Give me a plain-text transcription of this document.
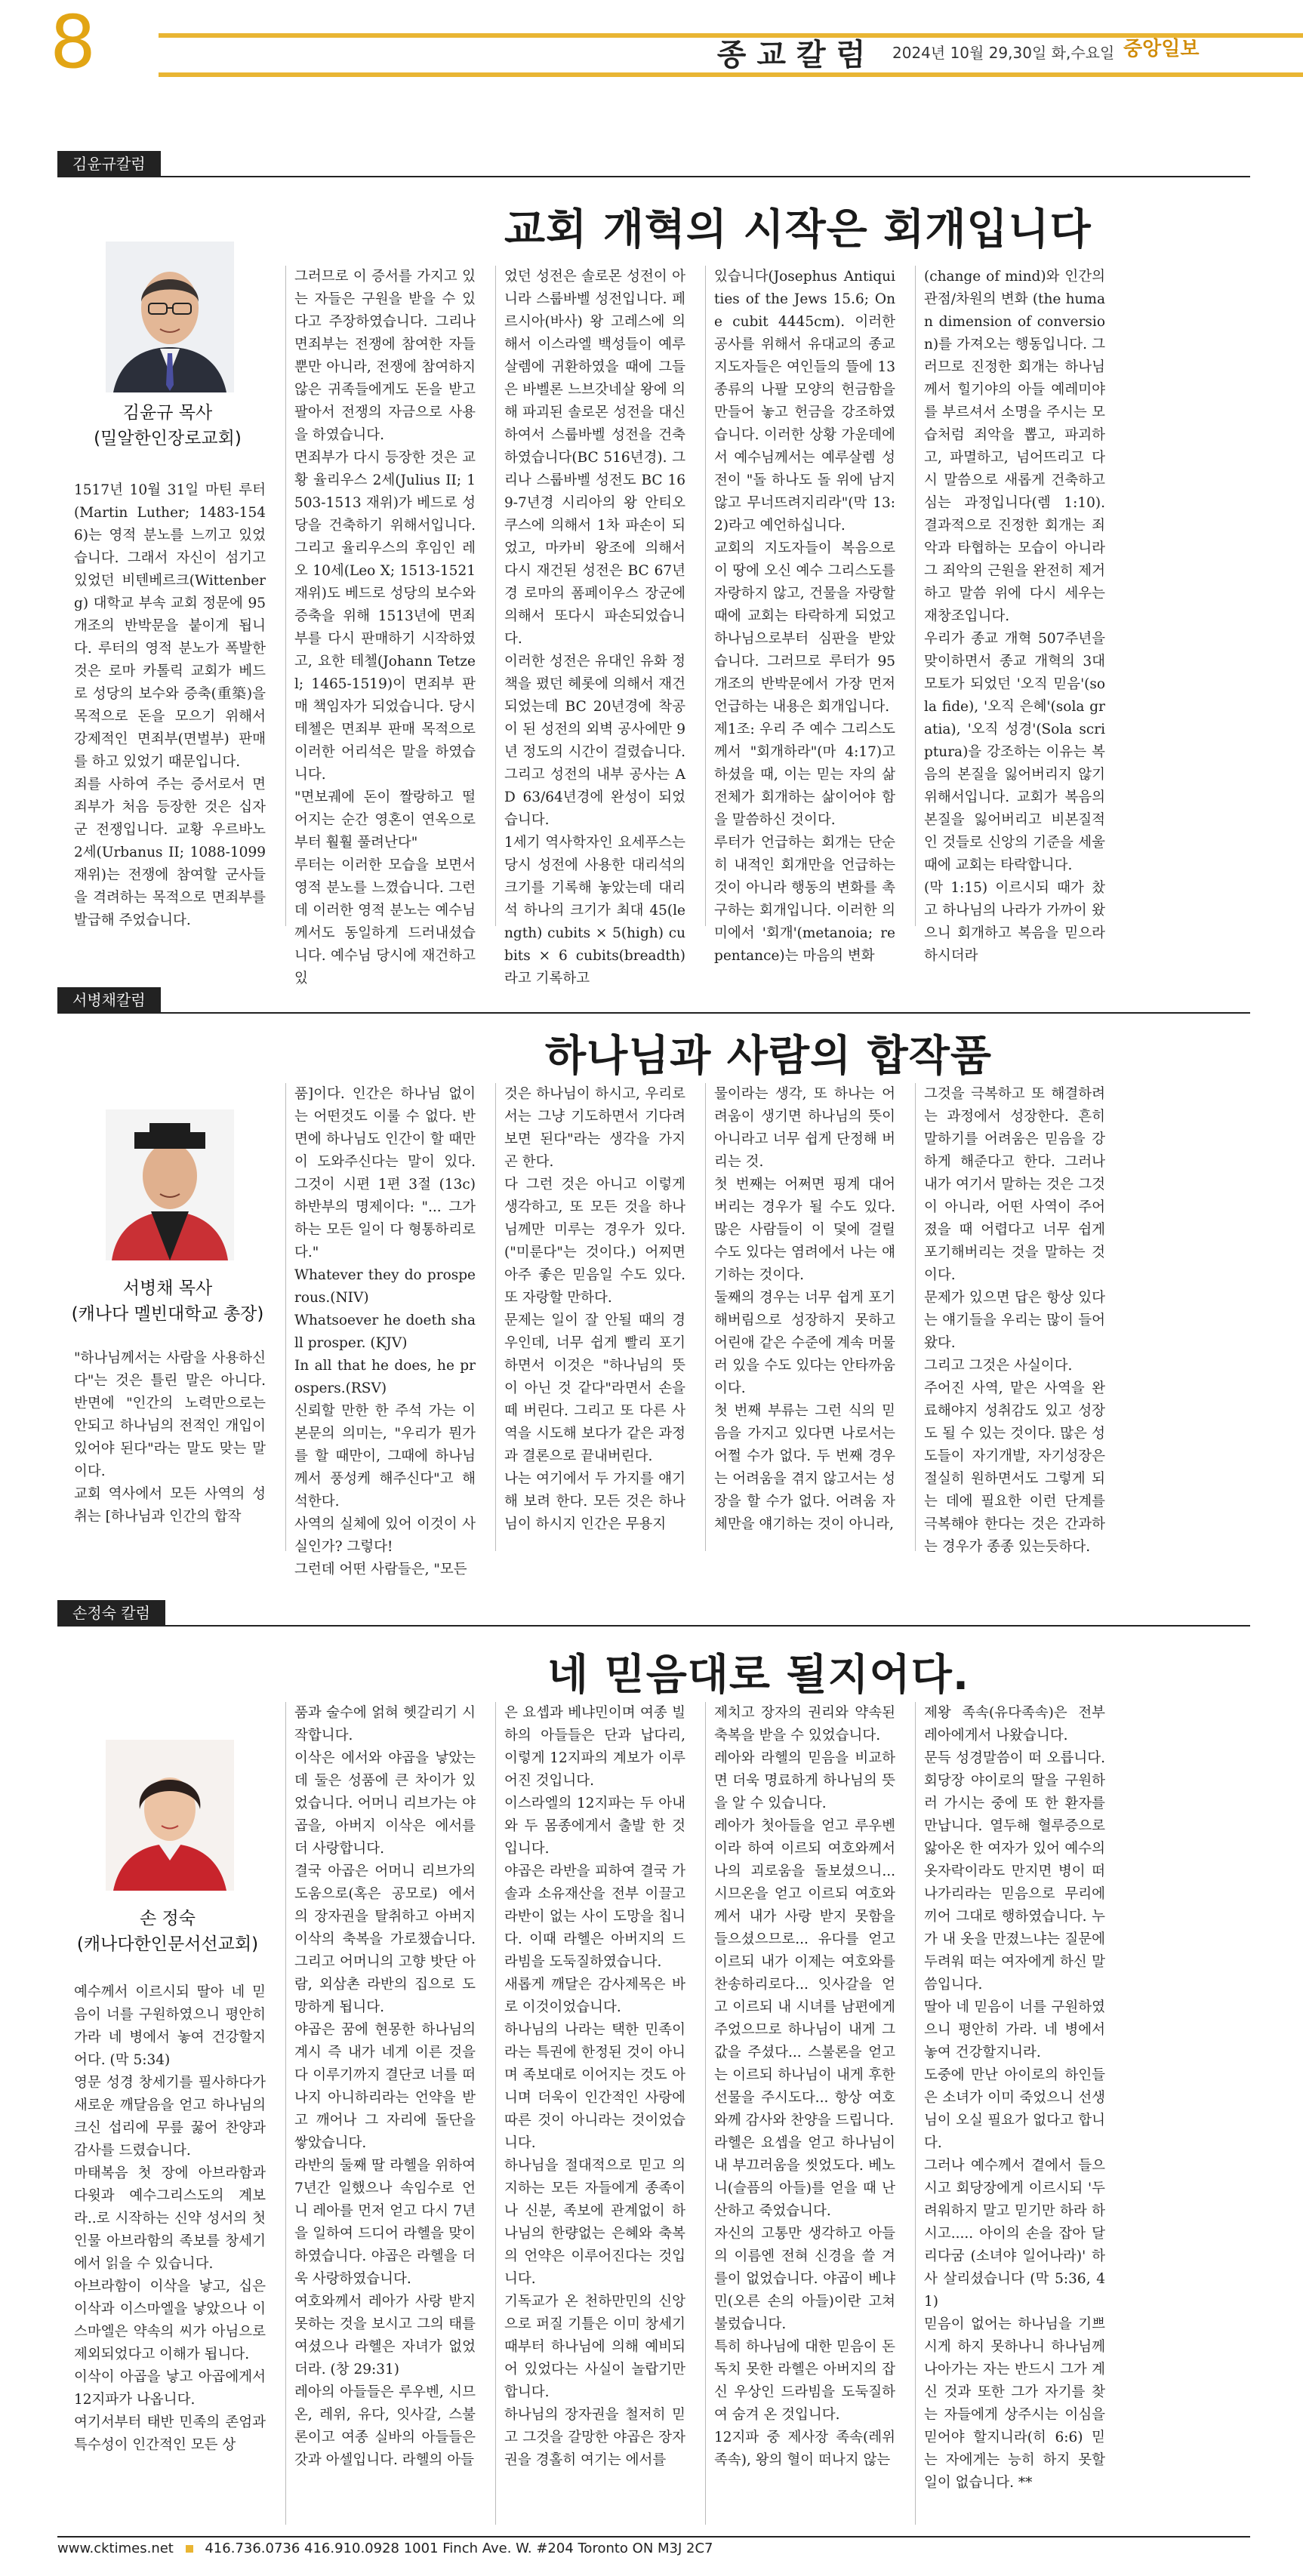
8	종교칼럼	2024년 10월 29,30일 화,수요일 중앙일보
김윤규칼럼
교회 개혁의 시작은 회개입니다
김윤규 목사
(밀알한인장로교회)
1517년 10월 31일 마틴 루터(Martin Luther; 1483-1546)는 영적 분노를 느끼고 있었습니다. 그래서 자신이 섬기고 있었던 비텐베르크(Wittenberg) 대학교 부속 교회 정문에 95개조의 반박문을 붙이게 됩니다. 루터의 영적 분노가 폭발한 것은 로마 카톨릭 교회가 베드로 성당의 보수와 증축(重築)을 목적으로 돈을 모으기 위해서 강제적인 면죄부(면벌부) 판매를 하고 있었기 때문입니다.
죄를 사하여 주는 증서로서 면죄부가 처음 등장한 것은 십자군 전쟁입니다. 교황 우르바노 2세(Urbanus II; 1088-1099 재위)는 전쟁에 참여할 군사들을 격려하는 목적으로 면죄부를 발급해 주었습니다.
그러므로 이 증서를 가지고 있는 자들은 구원을 받을 수 있다고 주장하였습니다. 그리나 면죄부는 전쟁에 참여한 자들뿐만 아니라, 전쟁에 참여하지 않은 귀족들에게도 돈을 받고 팔아서 전쟁의 자금으로 사용을 하였습니다.
면죄부가 다시 등장한 것은 교황 율리우스 2세(Julius II; 1503-1513 재위)가 베드로 성당을 건축하기 위해서입니다. 그리고 율리우스의 후임인 레오 10세(Leo X; 1513-1521 재위)도 베드로 성당의 보수와 증축을 위해 1513년에 면죄부를 다시 판매하기 시작하였고, 요한 테첼(Johann Tetzel; 1465-1519)이 면죄부 판매 책임자가 되었습니다. 당시 테첼은 면죄부 판매 목적으로 이러한 어리석은 말을 하였습니다.
"면보궤에 돈이 짤랑하고 떨어지는 순간 영혼이 연옥으로부터 훨훨 풀려난다"
루터는 이러한 모습을 보면서 영적 분노를 느꼈습니다. 그런데 이러한 영적 분노는 예수님께서도 동일하게 드러내셨습니다. 예수님 당시에 재건하고 있
었던 성전은 솔로몬 성전이 아니라 스룹바벨 성전입니다. 페르시아(바사) 왕 고레스에 의해서 이스라엘 백성들이 예루살렘에 귀환하였을 때에 그들은 바벨론 느브갓네살 왕에 의해 파괴된 솔로몬 성전을 대신하여서 스룹바벨 성전을 건축하였습니다(BC 516년경). 그리나 스룹바벨 성전도 BC 169-7년경 시리아의 왕 안티오쿠스에 의해서 1차 파손이 되었고, 마카비 왕조에 의해서 다시 재건된 성전은 BC 67년경 로마의 폼페이우스 장군에 의해서 또다시 파손되었습니다.
이러한 성전은 유대인 유화 정책을 폈던 헤롯에 의해서 재건되었는데 BC 20년경에 착공이 된 성전의 외벽 공사에만 9년 정도의 시간이 걸렸습니다. 그리고 성전의 내부 공사는 AD 63/64년경에 완성이 되었습니다.
1세기 역사학자인 요세푸스는 당시 성전에 사용한 대리석의 크기를 기록해 놓았는데 대리석 하나의 크기가 최대 45(length) cubits × 5(high) cubits × 6 cubits(breadth)라고 기록하고
있습니다(Josephus Antiquities of the Jews 15.6; One cubit 4445cm). 이러한 공사를 위해서 유대교의 종교 지도자들은 여인들의 뜰에 13종류의 나팔 모양의 헌금함을 만들어 놓고 헌금을 강조하였습니다. 이러한 상황 가운데에서 예수님께서는 예루살렘 성전이 "돌 하나도 돌 위에 남지 않고 무너뜨려지리라"(막 13:2)라고 예언하십니다.
교회의 지도자들이 복음으로 이 땅에 오신 예수 그리스도를 자랑하지 않고, 건물을 자랑할 때에 교회는 타락하게 되었고 하나님으로부터 심판을 받았습니다. 그러므로 루터가 95개조의 반박문에서 가장 먼저 언급하는 내용은 회개입니다.
제1조: 우리 주 예수 그리스도께서 "회개하라"(마 4:17)고 하셨을 때, 이는 믿는 자의 삶 전체가 회개하는 삶이어야 함을 말씀하신 것이다.
루터가 언급하는 회개는 단순히 내적인 회개만을 언급하는 것이 아니라 행동의 변화를 촉구하는 회개입니다. 이러한 의미에서 '회개'(metanoia; repentance)는 마음의 변화
(change of mind)와 인간의 관점/차원의 변화 (the human dimension of conversion)를 가져오는 행동입니다. 그러므로 진정한 회개는 하나님께서 힐기야의 아들 예레미야를 부르셔서 소명을 주시는 모습처럼 죄악을 뽑고, 파괴하고, 파멸하고, 넘어뜨리고 다시 말씀으로 새롭게 건축하고 심는 과정입니다(렘 1:10). 결과적으로 진정한 회개는 죄악과 타협하는 모습이 아니라 그 죄악의 근원을 완전히 제거하고 말씀 위에 다시 세우는 재창조입니다.
우리가 종교 개혁 507주년을 맞이하면서 종교 개혁의 3대 모토가 되었던 '오직 믿음'(sola fide), '오직 은혜'(sola gratia), '오직 성경'(Sola scriptura)을 강조하는 이유는 복음의 본질을 잃어버리지 않기 위해서입니다. 교회가 복음의 본질을 잃어버리고 비본질적인 것들로 신앙의 기준을 세울 때에 교회는 타락합니다.
(막 1:15) 이르시되 때가 찼고 하나님의 나라가 가까이 왔으니 회개하고 복음을 믿으라 하시더라
서병채칼럼
하나님과 사람의 합작품
서병채 목사
(캐나다 멜빈대학교 총장)
"하나님께서는 사람을 사용하신다"는 것은 틀린 말은 아니다. 반면에 "인간의 노력만으로는 안되고 하나님의 전적인 개입이 있어야 된다"라는 말도 맞는 말이다.
교회 역사에서 모든 사역의 성취는 [하나님과 인간의 합작
품]이다. 인간은 하나님 없이는 어떤것도 이룰 수 없다. 반면에 하나님도 인간이 할 때만이 도와주신다는 말이 있다. 그것이 시편 1편 3절 (13c) 하반부의 명제이다: "... 그가 하는 모든 일이 다 형통하리로다."
Whatever they do prosperous.(NIV)
Whatsoever he doeth shall prosper. (KJV)
In all that he does, he prospers.(RSV)
신뢰할 만한 한 주석 가는 이 본문의 의미는, "우리가 뭔가를 할 때만이, 그때에 하나님께서 풍성케 해주신다"고 해석한다.
사역의 실체에 있어 이것이 사실인가? 그렇다!
그런데 어떤 사람들은, "모든
것은 하나님이 하시고, 우리로서는 그냥 기도하면서 기다려 보면 된다"라는 생각을 가지곤 한다.
다 그런 것은 아니고 이렇게 생각하고, 또 모든 것을 하나님께만 미루는 경우가 있다. ("미룬다"는 것이다.) 어찌면 아주 좋은 믿음일 수도 있다. 또 자랑할 만하다.
문제는 일이 잘 안될 때의 경우인데, 너무 쉽게 빨리 포기하면서 이것은 "하나님의 뜻이 아닌 것 같다"라면서 손을 떼 버린다. 그리고 또 다른 사역을 시도해 보다가 같은 과정과 결론으로 끝내버린다.
나는 여기에서 두 가지를 얘기해 보려 한다. 모든 것은 하나님이 하시지 인간은 무용지
물이라는 생각, 또 하나는 어려움이 생기면 하나님의 뜻이 아니라고 너무 쉽게 단정해 버리는 것.
첫 번째는 어쩌면 핑계 대어 버리는 경우가 될 수도 있다. 많은 사람들이 이 덫에 걸릴 수도 있다는 염려에서 나는 얘기하는 것이다.
둘째의 경우는 너무 쉽게 포기해버림으로 성장하지 못하고 어린애 같은 수준에 계속 머물러 있을 수도 있다는 안타까움이다.
첫 번째 부류는 그런 식의 믿음을 가지고 있다면 나로서는 어쩔 수가 없다. 두 번째 경우는 어려움을 겪지 않고서는 성장을 할 수가 없다. 어려움 자체만을 얘기하는 것이 아니라,
그것을 극복하고 또 해결하려는 과정에서 성장한다. 흔히 말하기를 어려움은 믿음을 강하게 해준다고 한다. 그러나 내가 여기서 말하는 것은 그것이 아니라, 어떤 사역이 주어졌을 때 어렵다고 너무 쉽게 포기해버리는 것을 말하는 것이다.
문제가 있으면 답은 항상 있다는 얘기들을 우리는 많이 들어왔다.
그리고 그것은 사실이다.
주어진 사역, 맡은 사역을 완료해야지 성취감도 있고 성장도 될 수 있는 것이다. 많은 성도들이 자기개발, 자기성장은 절실히 원하면서도 그렇게 되는 데에 필요한 이런 단계를 극복해야 한다는 것은 간과하는 경우가 종종 있는듯하다.
손정숙 칼럼
네 믿음대로 될지어다.
손 정숙
(캐나다한인문서선교회)
예수께서 이르시되 딸아 네 믿음이 너를 구원하였으니 평안히 가라 네 병에서 놓여 건강할지어다. (막 5:34)
영문 성경 창세기를 필사하다가 새로운 깨달음을 얻고 하나님의 크신 섭리에 무릎 꿇어 찬양과 감사를 드렸습니다.
마태복음 첫 장에 아브라함과 다윗과 예수그리스도의 계보라..로 시작하는 신약 성서의 첫 인물 아브라함의 족보를 창세기에서 읽을 수 있습니다.
아브라함이 이삭을 낳고, 십은 이삭과 이스마엘을 낳았으나 이스마엘은 약속의 씨가 아님으로 제외되었다고 이해가 됩니다.
이삭이 아곱을 낳고 아곱에게서 12지파가 나옵니다.
여기서부터 태반 민족의 존엄과 특수성이 인간적인 모든 상
품과 술수에 얽혀 헷갈리기 시작합니다.
이삭은 에서와 야곱을 낳았는데 둘은 성품에 큰 차이가 있었습니다. 어머니 리브가는 야곱을, 아버지 이삭은 에서를 더 사랑합니다.
결국 아곱은 어머니 리브가의 도움으로(혹은 공모로) 에서의 장자권을 탈취하고 아버지 이삭의 축복을 가로챘습니다. 그리고 어머니의 고향 밧단 아람, 외삼촌 라반의 집으로 도망하게 됩니다.
야곱은 꿈에 현몽한 하나님의 계시 즉 내가 네게 이른 것을 다 이루기까지 결단코 너를 떠나지 아니하리라는 언약을 받고 깨어나 그 자리에 돌단을 쌓았습니다.
라반의 둘째 딸 라헬을 위하여 7년간 일했으나 속임수로 언니 레아를 먼저 얻고 다시 7년을 일하여 드디어 라헬을 맞이하였습니다. 야곱은 라헬을 더욱 사랑하였습니다.
여호와께서 레아가 사랑 받지 못하는 것을 보시고 그의 태를 여셨으나 라헬은 자녀가 없었더라. (창 29:31)
레아의 아들들은 루우벤, 시므온, 레위, 유다, 잇사갈, 스불론이고 여종 실바의 아들들은 갓과 아셀입니다. 라헬의 아들
은 요셉과 베냐민이며 여종 빌하의 아들들은 단과 납다리, 이렇게 12지파의 계보가 이루어진 것입니다.
이스라엘의 12지파는 두 아내와 두 몸종에게서 출발 한 것입니다.
야곱은 라반을 피하여 결국 가솔과 소유재산을 전부 이끌고 라반이 없는 사이 도망을 칩니다. 이때 라헬은 아버지의 드라빔을 도둑질하였습니다.
새롭게 깨달은 감사제목은 바로 이것이었습니다.
하나님의 나라는 택한 민족이라는 특권에 한정된 것이 아니며 족보대로 이어지는 것도 아니며 더욱이 인간적인 사랑에 따른 것이 아니라는 것이었습니다.
하나님을 절대적으로 믿고 의지하는 모든 자들에게 종족이나 신분, 족보에 관계없이 하나님의 한량없는 은혜와 축복의 언약은 이루어진다는 것입니다.
기독교가 온 천하만민의 신앙으로 퍼질 기틀은 이미 창세기 때부터 하나님에 의해 예비되어 있었다는 사실이 놀랍기만 합니다.
하나님의 장자권을 철저히 믿고 그것을 갈망한 야곱은 장자권을 경홀히 여기는 에서를
제치고 장자의 권리와 약속된 축복을 받을 수 있었습니다.
레아와 라헬의 믿음을 비교하면 더욱 명료하게 하나님의 뜻을 알 수 있습니다.
레아가 첫아들을 얻고 루우벤이라 하여 이르되 여호와께서 나의 괴로움을 돌보셨으니... 시므온을 얻고 이르되 여호와께서 내가 사랑 받지 못함을 들으셨으므로... 유다를 얻고 이르되 내가 이제는 여호와를 찬송하리로다... 잇사갈을 얻고 이르되 내 시녀를 남편에게 주었으므로 하나님이 내게 그 값을 주셨다... 스불론을 얻고는 이르되 하나님이 내게 후한 선물을 주시도다... 항상 여호와께 감사와 찬양을 드립니다.
라헬은 요셉을 얻고 하나님이 내 부끄러움을 씻었도다. 베노니(슬픔의 아들)를 얻을 때 난산하고 죽었습니다.
자신의 고통만 생각하고 아들의 이름엔 전혀 신경을 쓸 겨를이 없었습니다. 야곱이 베냐민(오른 손의 아들)이란 고쳐 불렀습니다.
특히 하나님에 대한 믿음이 돈독치 못한 라헬은 아버지의 잡신 우상인 드라빔을 도둑질하여 숨겨 온 것입니다.
12지파 중 제사장 족속(레위 족속), 왕의 혈이 떠나지 않는
제왕 족속(유다족속)은 전부 레아에게서 나왔습니다.
문득 성경말씀이 떠 오릅니다. 회당장 야이로의 딸을 구원하러 가시는 중에 또 한 환자를 만납니다. 열두해 혈루증으로 앓아온 한 여자가 있어 예수의 옷자락이라도 만지면 병이 떠나가리라는 믿음으로 무리에 끼어 그대로 행하였습니다. 누가 내 옷을 만졌느냐는 질문에 두려워 떠는 여자에게 하신 말씀입니다.
딸아 네 믿음이 너를 구원하였으니 평안히 가라. 네 병에서 놓여 건강할지니라.
도중에 만난 아이로의 하인들은 소녀가 이미 죽었으니 선생님이 오실 필요가 없다고 합니다.
그러나 예수께서 곁에서 들으시고 회당장에게 이르시되 '두려워하지 말고 믿기만 하라 하시고..... 아이의 손을 잡아 달리다굼 (소녀야 일어나라)' 하사 살리셨습니다 (막 5:36, 41)
믿음이 없어는 하나님을 기쁘시게 하지 못하나니 하나님께 나아가는 자는 반드시 그가 계신 것과 또한 그가 자기를 찾는 자들에게 상주시는 이심을 믿어야 할지니라(히 6:6) 믿는 자에게는 능히 하지 못할 일이 없습니다. **
www.cktimes.net 416.736.0736 416.910.0928 1001 Finch Ave. W. #204 Toronto ON M3J 2C7
